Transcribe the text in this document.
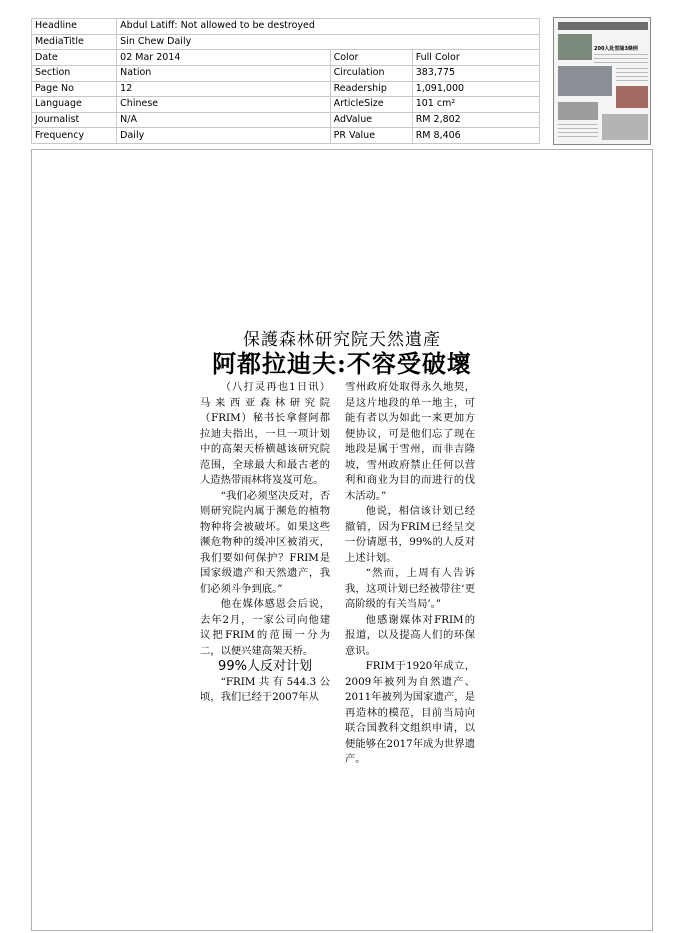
Headline	Abdul Latiff: Not allowed to be destroyed		
MediaTitle	Sin Chew Daily		
Date	02 Mar 2014	Color	Full Color
Section	Nation	Circulation	383,775
Page No	12	Readership	1,091,000
Language	Chinese	ArticleSize	101 cm²
Journalist	N/A	AdValue	RM 2,802
Frequency	Daily	PR Value	RM 8,406
200人赴雪隆3條例
保護森林研究院天然遺產
阿都拉迪夫:不容受破壞

（八打灵再也1日讯）马来西亚森林研究院（FRIM）秘书长拿督阿都拉迪夫指出，一旦一项计划中的高架天桥横越该研究院范围，全球最大和最古老的人造热带雨林将岌岌可危。

“我们必须坚决反对，否则研究院内属于濒危的植物物种将会被破坏。如果这些濒危物种的缓冲区被消灭，我们要如何保护？FRIM是国家级遗产和天然遗产，我们必须斗争到底。”

他在媒体感恩会后说，去年2月，一家公司向他建议把FRIM的范围一分为二，以便兴建高架天桥。

99%人反对计划

“FRIM共有544.3公顷，我们已经于2007年从

雪州政府处取得永久地契，是这片地段的单一地主，可能有者以为如此一来更加方便协议，可是他们忘了现在地段是属于雪州，而非吉隆坡，雪州政府禁止任何以营利和商业为目的而进行的伐木活动。”

他说，相信该计划已经撤销，因为FRIM已经呈交一份请愿书，99%的人反对上述计划。

“然而，上周有人告诉我，这项计划已经被带往‘更高阶级的有关当局’。”

他感谢媒体对FRIM的报道，以及提高人们的环保意识。

FRIM于1920年成立，2009年被列为自然遗产、2011年被列为国家遗产，是再造林的模范，目前当局向联合国教科文组织申请，以便能够在2017年成为世界遗产。
